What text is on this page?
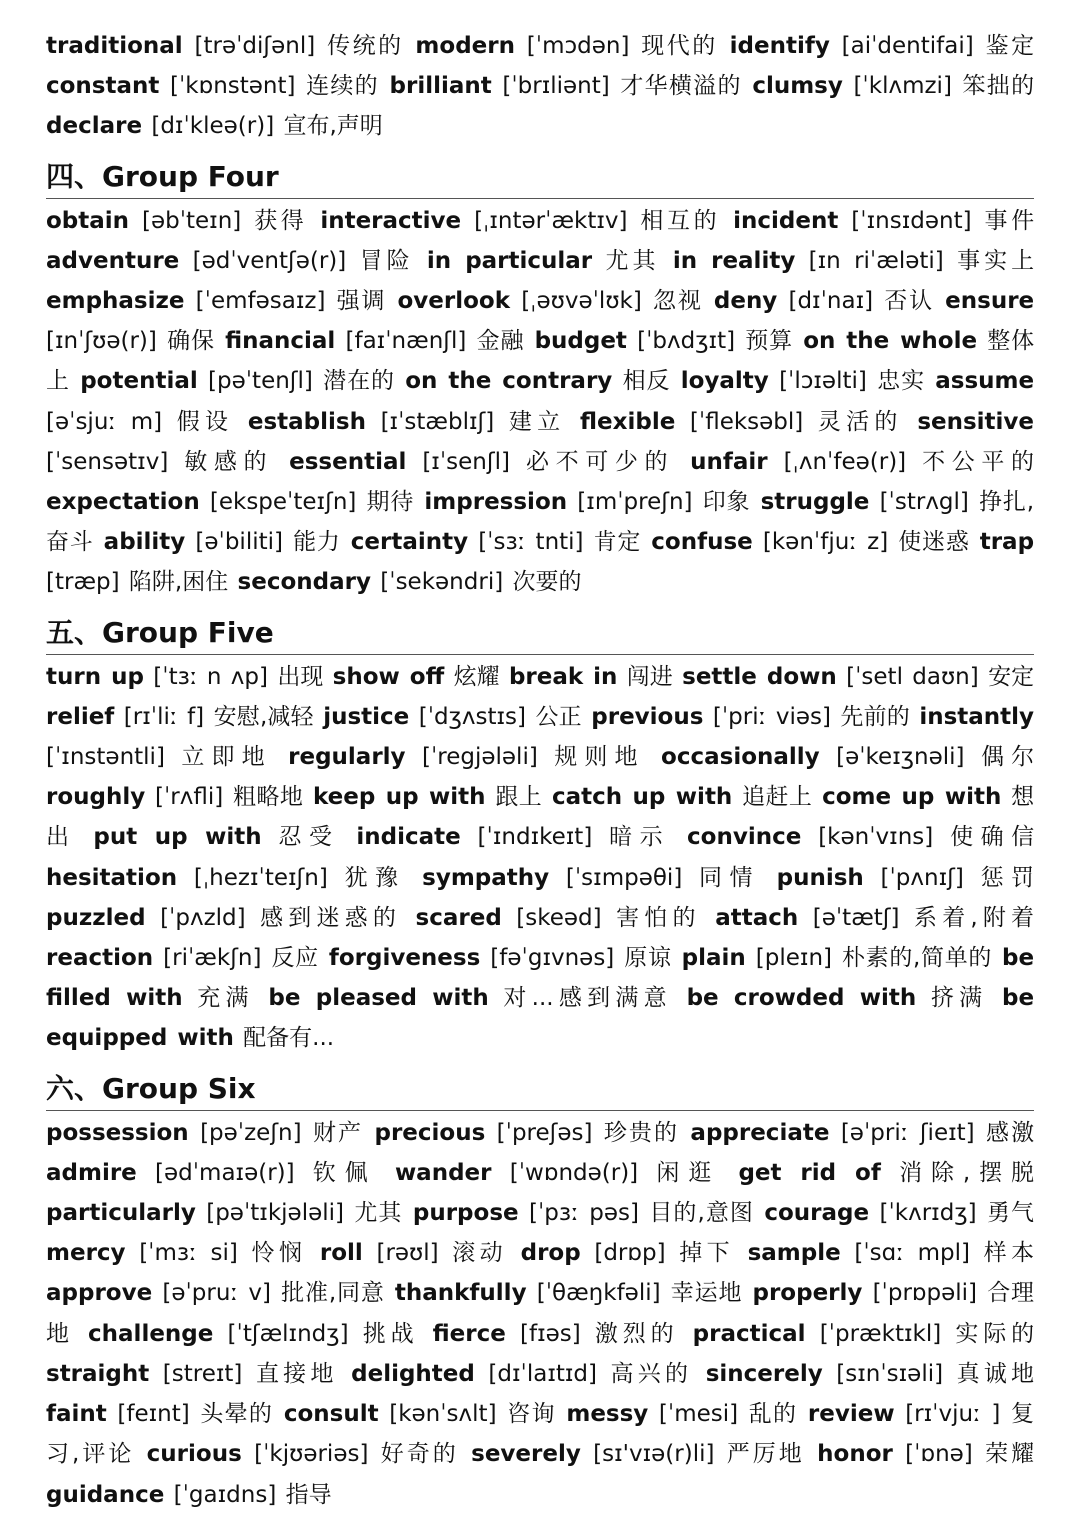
traditional [trəˈdiʃənl] 传统的 modern [ˈmɔdən] 现代的 identify [aiˈdentifai] 鉴定 constant [ˈkɒnstənt] 连续的 brilliant [ˈbrɪliənt] 才华横溢的 clumsy [ˈklʌmzi] 笨拙的 declare [dɪˈkleə(r)] 宣布,声明

四、Group Four

obtain [əbˈteɪn] 获得 interactive [ˌɪntərˈæktɪv] 相互的 incident [ˈɪnsɪdənt] 事件 adventure [ədˈventʃə(r)] 冒险 in particular 尤其 in reality [ɪn riˈæləti] 事实上 emphasize [ˈemfəsaɪz] 强调 overlook [ˌəʊvəˈlʊk] 忽视 deny [dɪˈnaɪ] 否认 ensure [ɪnˈʃʊə(r)] 确保 financial [faɪˈnænʃl] 金融 budget [ˈbʌdʒɪt] 预算 on the whole 整体上 potential [pəˈtenʃl] 潜在的 on the contrary 相反 loyalty [ˈlɔɪəlti] 忠实 assume [əˈsjuː m] 假设 establish [ɪˈstæblɪʃ] 建立 flexible [ˈfleksəbl] 灵活的 sensitive [ˈsensətɪv] 敏感的 essential [ɪˈsenʃl] 必不可少的 unfair [ˌʌnˈfeə(r)] 不公平的 expectation [ekspeˈteɪʃn] 期待 impression [ɪmˈpreʃn] 印象 struggle [ˈstrʌgl] 挣扎,奋斗 ability [əˈbiliti] 能力 certainty [ˈsɜː tnti] 肯定 confuse [kənˈfjuː z] 使迷惑 trap [træp] 陷阱,困住 secondary [ˈsekəndri] 次要的

五、Group Five

turn up [ˈtɜː n ʌp] 出现 show off 炫耀 break in 闯进 settle down [ˈsetl daʊn] 安定 relief [rɪˈliː f] 安慰,减轻 justice [ˈdʒʌstɪs] 公正 previous [ˈpriː viəs] 先前的 instantly [ˈɪnstəntli] 立即地 regularly [ˈregjələli] 规则地 occasionally [əˈkeɪʒnəli] 偶尔 roughly [ˈrʌfli] 粗略地 keep up with 跟上 catch up with 追赶上 come up with 想出 put up with 忍受 indicate [ˈɪndɪkeɪt] 暗示 convince [kənˈvɪns] 使确信 hesitation [ˌhezɪˈteɪʃn] 犹豫 sympathy [ˈsɪmpəθi] 同情 punish [ˈpʌnɪʃ] 惩罚 puzzled [ˈpʌzld] 感到迷惑的 scared [skeəd] 害怕的 attach [əˈtætʃ] 系着,附着 reaction [riˈækʃn] 反应 forgiveness [fəˈgɪvnəs] 原谅 plain [pleɪn] 朴素的,简单的 be filled with 充满 be pleased with 对...感到满意 be crowded with 挤满 be equipped with 配备有...

六、Group Six

possession [pəˈzeʃn] 财产 precious [ˈpreʃəs] 珍贵的 appreciate [əˈpriː ʃieɪt] 感激 admire [ədˈmaɪə(r)] 钦佩 wander [ˈwɒndə(r)] 闲逛 get rid of 消除,摆脱 particularly [pəˈtɪkjələli] 尤其 purpose [ˈpɜː pəs] 目的,意图 courage [ˈkʌrɪdʒ] 勇气 mercy [ˈmɜː si] 怜悯 roll [rəʊl] 滚动 drop [drɒp] 掉下 sample [ˈsɑː mpl] 样本 approve [əˈpruː v] 批准,同意 thankfully [ˈθæŋkfəli] 幸运地 properly [ˈprɒpəli] 合理地 challenge [ˈtʃælɪndʒ] 挑战 fierce [fɪəs] 激烈的 practical [ˈpræktɪkl] 实际的 straight [streɪt] 直接地 delighted [dɪˈlaɪtɪd] 高兴的 sincerely [sɪnˈsɪəli] 真诚地 faint [feɪnt] 头晕的 consult [kənˈsʌlt] 咨询 messy [ˈmesi] 乱的 review [rɪˈvjuː ] 复习,评论 curious [ˈkjʊəriəs] 好奇的 severely [sɪ'vɪə(r)li] 严厉地 honor [ˈɒnə] 荣耀 guidance [ˈgaɪdns] 指导
